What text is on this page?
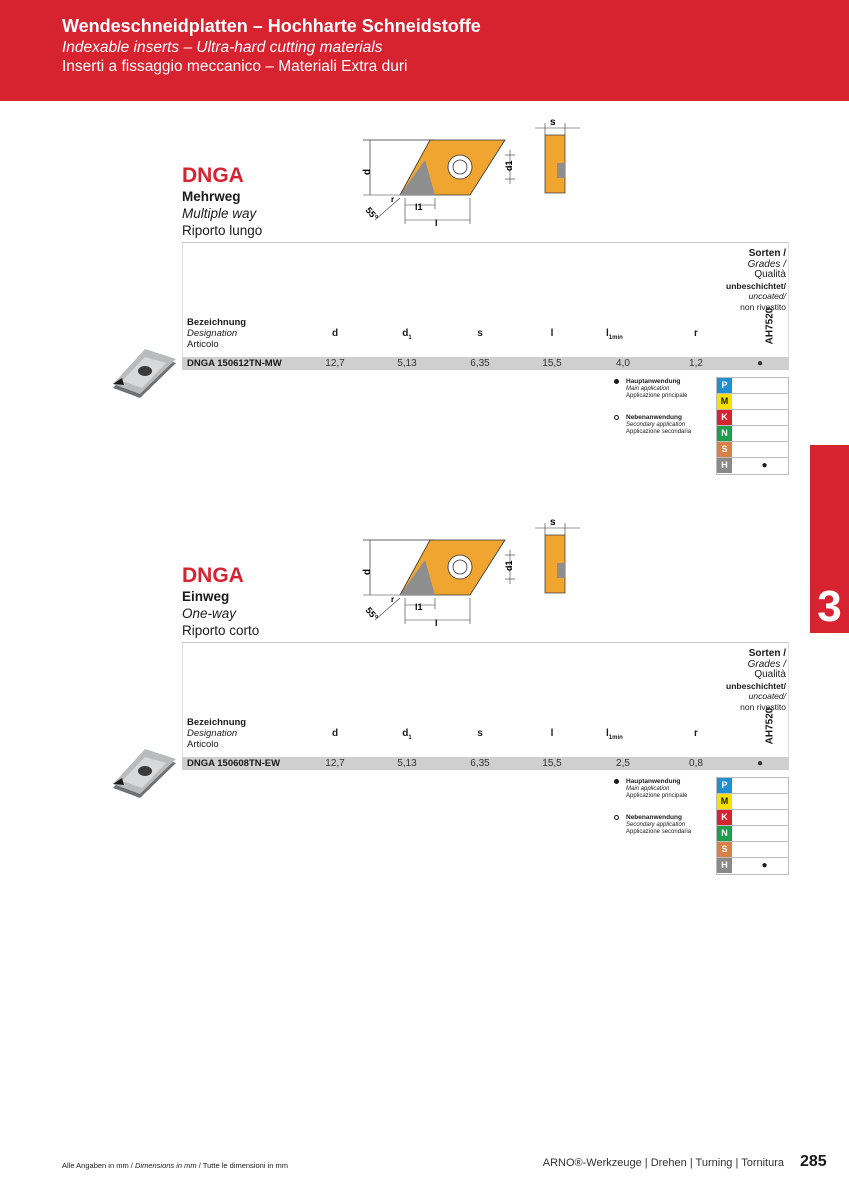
Wendeschneidplatten – Hochharte Schneidstoffe
Indexable inserts – Ultra-hard cutting materials
Inserti a fissaggio meccanico – Materiali Extra duri
3
d
d1
l1
l
r
55°
s
DNGA
Mehrweg
Multiple way
Riporto lungo
Sorten /
Grades /
Qualità
unbeschichtet/
uncoated/
non rivestito
AH7520
Bezeichnung
Designation
Articolo
d	$d_1$	s	l	$l_{1min}$	r
DNGA 150612TN-MW	12,7	5,13	6,35	15,5	4,0	1,2	●
Hauptanwendung
Main application
Applicazione principale
Nebenanwendung
Secondary application
Applicazione secondaria
P
M
K
N
S
H	●
d
d1
l1
l
r
55°
s
DNGA
Einweg
One-way
Riporto corto
Sorten /
Grades /
Qualità
unbeschichtet/
uncoated/
non rivestito
AH7520
Bezeichnung
Designation
Articolo
d	$d_1$	s	l	$l_{1min}$	r
DNGA 150608TN-EW	12,7	5,13	6,35	15,5	2,5	0,8	●
Hauptanwendung
Main application
Applicazione principale
Nebenanwendung
Secondary application
Applicazione secondaria
P
M
K
N
S
H	●
Alle Angaben in mm / Dimensions in mm / Tutte le dimensioni in mm	ARNO®-Werkzeuge | Drehen | Turning | Tornitura 285
